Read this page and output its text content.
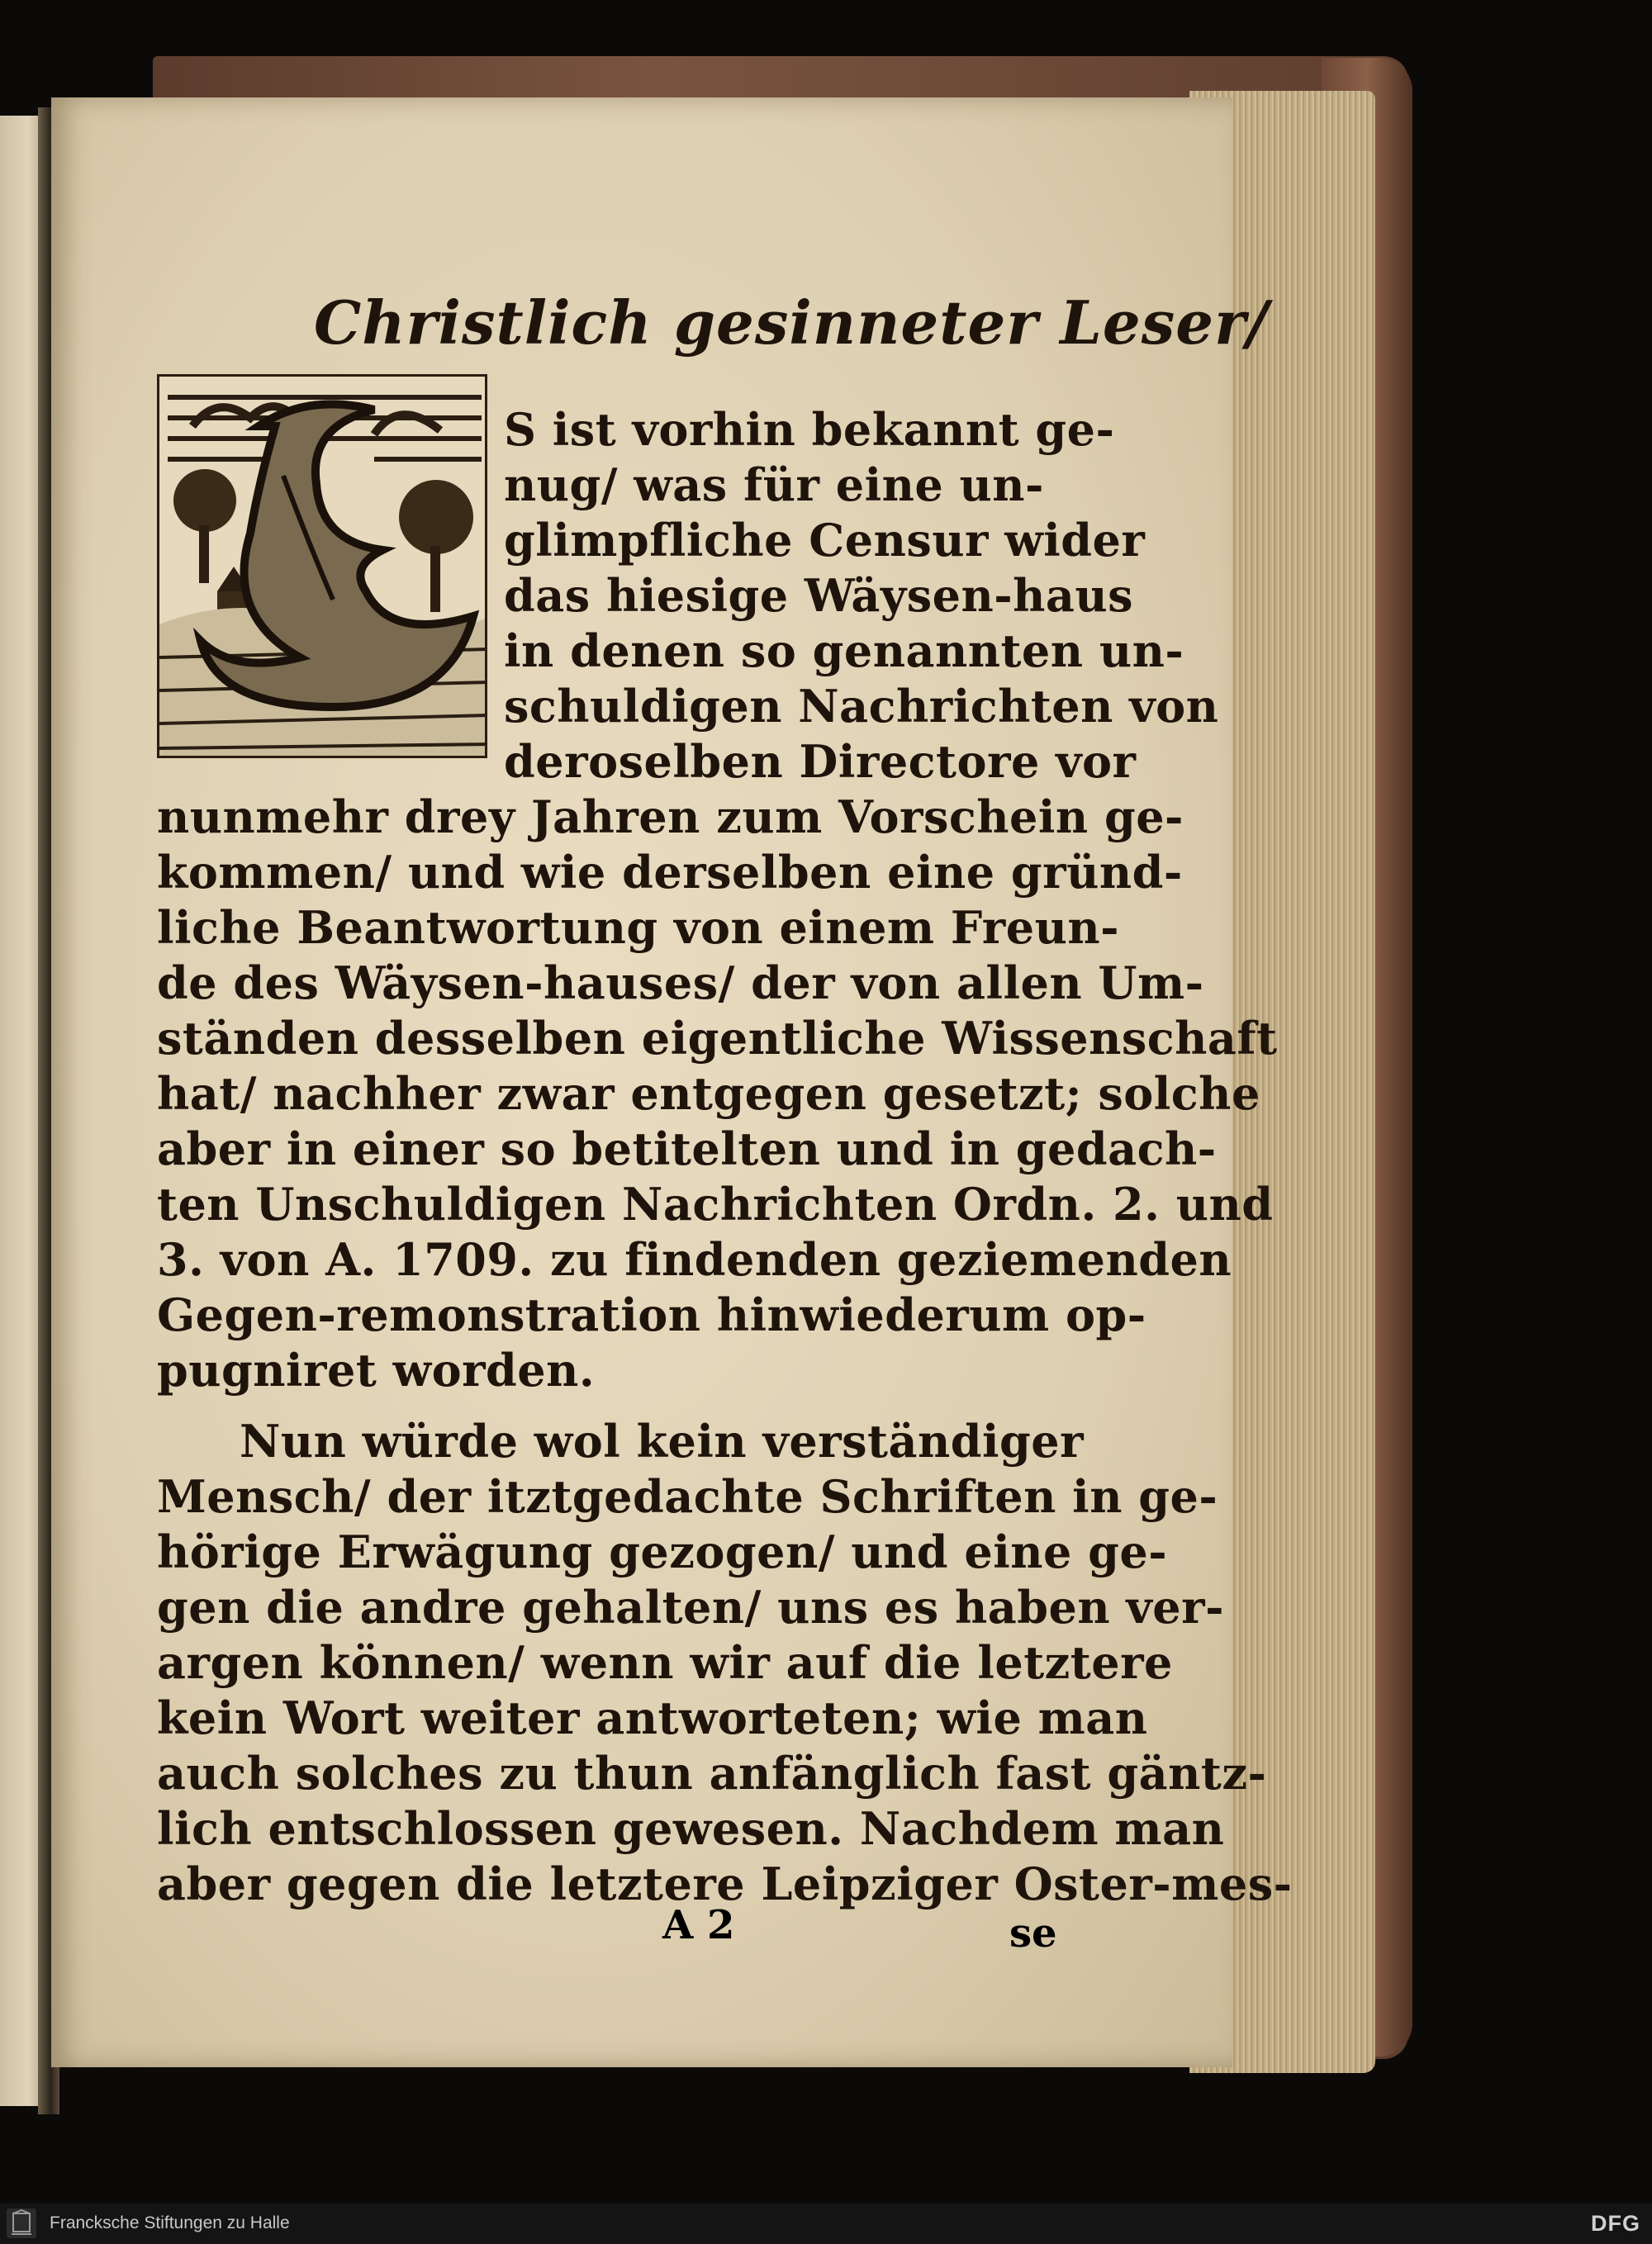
Christlich gesinneter Leser/
S ist vorhin bekannt ge-
nug/ was für eine un-
glimpfliche Censur wider
das hiesige Wäysen-haus
in denen so genannten un-
schuldigen Nachrichten von
deroselben Directore vor
nunmehr drey Jahren zum Vorschein ge-
kommen/ und wie derselben eine gründ-
liche Beantwortung von einem Freun-
de des Wäysen-hauses/ der von allen Um-
ständen desselben eigentliche Wissenschaft
hat/ nachher zwar entgegen gesetzt; solche
aber in einer so betitelten und in gedach-
ten Unschuldigen Nachrichten Ordn. 2. und
3. von A. 1709. zu findenden geziemenden
Gegen-remonstration hinwiederum op-
pugniret worden.
Nun würde wol kein verständiger
Mensch/ der itztgedachte Schriften in ge-
hörige Erwägung gezogen/ und eine ge-
gen die andre gehalten/ uns es haben ver-
argen können/ wenn wir auf die letztere
kein Wort weiter antworteten; wie man
auch solches zu thun anfänglich fast gäntz-
lich entschlossen gewesen. Nachdem man
aber gegen die letztere Leipziger Oster-mes-
A 2	se
Francksche Stiftungen zu Halle	DFG
